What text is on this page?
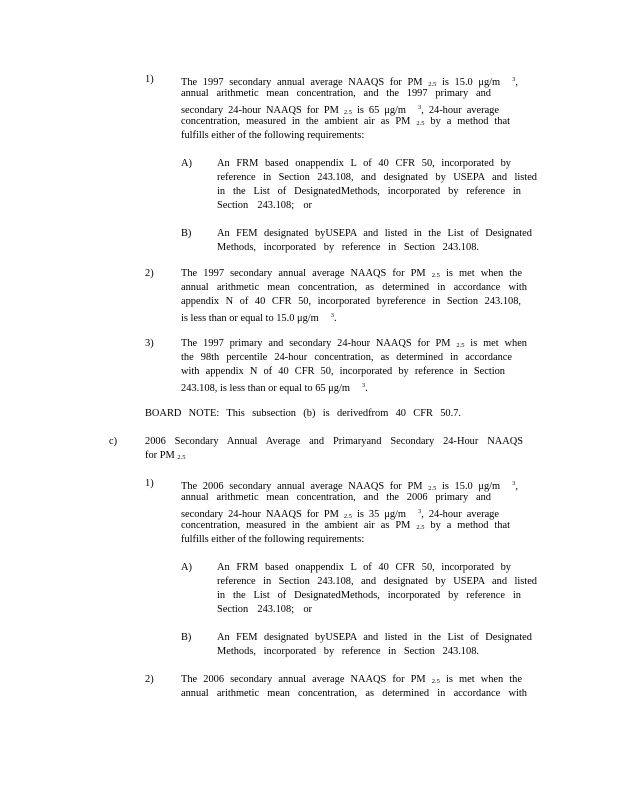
1)	The 1997 secondary annual average NAAQS for PM 2.5 is 15.0 μg/m $^3$,
annual arithmetic mean concentration, and the 1997 primary and
secondary 24-hour NAAQS for PM 2.5 is 65 μg/m $^3$, 24-hour average
concentration, measured in the ambient air as PM 2.5 by a method that
fulfills either of the following requirements:
A) An FRM based onappendix L of 40 CFR 50, incorporated by
reference in Section 243.108, and designated by USEPA and listed
in the List of DesignatedMethods, incorporated by reference in
Section 243.108; or
B) An FEM designated byUSEPA and listed in the List of Designated
Methods, incorporated by reference in Section 243.108.
2)	The 1997 secondary annual average NAAQS for PM 2.5 is met when the
annual arithmetic mean concentration, as determined in accordance with
appendix N of 40 CFR 50, incorporated byreference in Section 243.108,
is less than or equal to 15.0 μg/m $^3$.
3)	The 1997 primary and secondary 24-hour NAAQS for PM 2.5 is met when
the 98th percentile 24-hour concentration, as determined in accordance
with appendix N of 40 CFR 50, incorporated by reference in Section
243.108, is less than or equal to 65 μg/m $^3$.
BOARD NOTE: This subsection (b) is derivedfrom 40 CFR 50.7.
c)	2006 Secondary Annual Average and Primaryand Secondary 24-Hour NAAQS
for PM 2.5
1)	The 2006 secondary annual average NAAQS for PM 2.5 is 15.0 μg/m $^3$,
annual arithmetic mean concentration, and the 2006 primary and
secondary 24-hour NAAQS for PM 2.5 is 35 μg/m $^3$, 24-hour average
concentration, measured in the ambient air as PM 2.5 by a method that
fulfills either of the following requirements:
A) An FRM based onappendix L of 40 CFR 50, incorporated by
reference in Section 243.108, and designated by USEPA and listed
in the List of DesignatedMethods, incorporated by reference in
Section 243.108; or
B) An FEM designated byUSEPA and listed in the List of Designated
Methods, incorporated by reference in Section 243.108.
2)	The 2006 secondary annual average NAAQS for PM 2.5 is met when the
annual arithmetic mean concentration, as determined in accordance with
